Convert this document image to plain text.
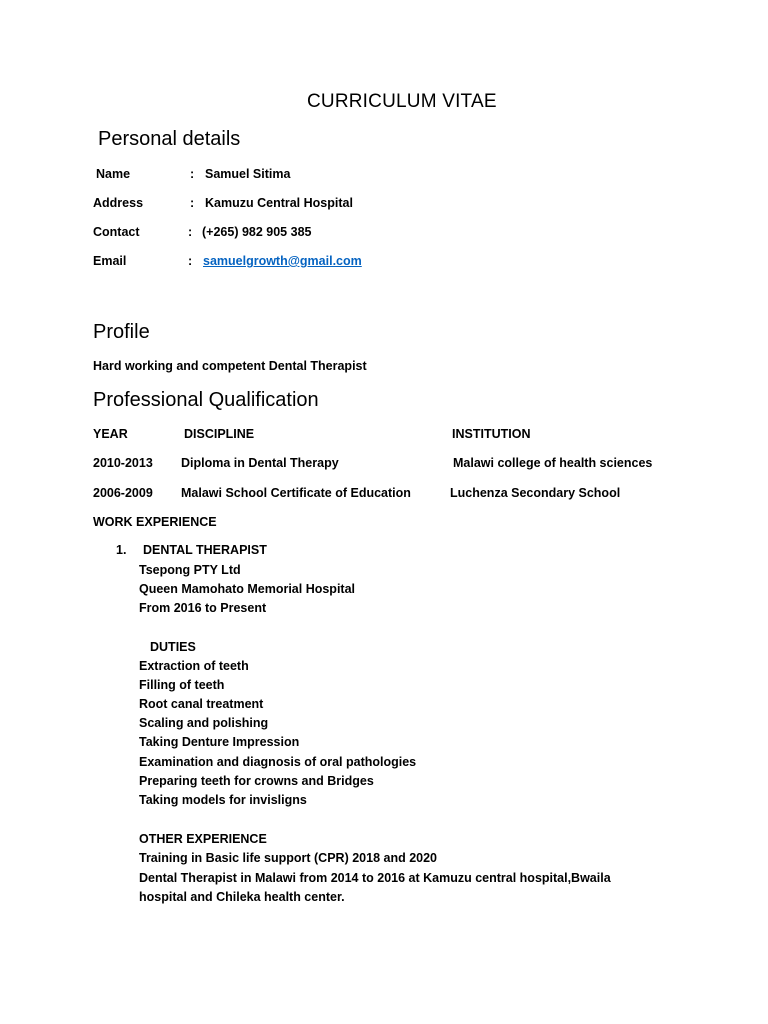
CURRICULUM VITAE
Personal details
Name	: Samuel Sitima
Address	: Kamuzu Central Hospital
Contact	: (+265) 982 905 385
Email	: samuelgrowth@gmail.com
Profile
Hard working and competent Dental Therapist
Professional Qualification
YEAR	DISCIPLINE	INSTITUTION
2010-2013 Diploma in Dental Therapy	Malawi college of health sciences
2006-2009 Malawi School Certificate of Education	Luchenza Secondary School
WORK EXPERIENCE
1. DENTAL THERAPIST
Tsepong PTY Ltd
Queen Mamohato Memorial Hospital
From 2016 to Present
DUTIES
Extraction of teeth
Filling of teeth
Root canal treatment
Scaling and polishing
Taking Denture Impression
Examination and diagnosis of oral pathologies
Preparing teeth for crowns and Bridges
Taking models for invisligns
OTHER EXPERIENCE
Training in Basic life support (CPR) 2018 and 2020
Dental Therapist in Malawi from 2014 to 2016 at Kamuzu central hospital,Bwaila
hospital and Chileka health center.
